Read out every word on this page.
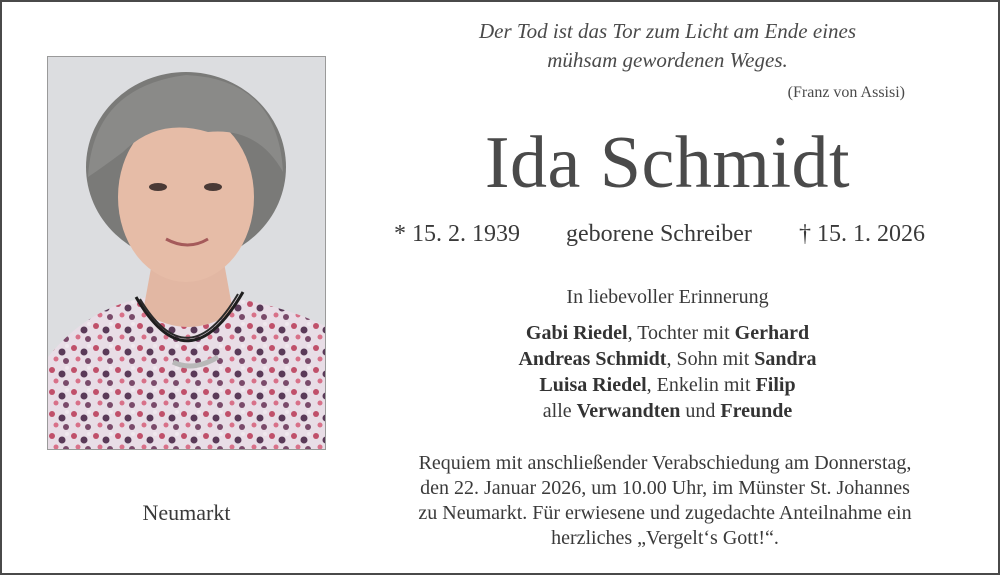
Neumarkt
Der Tod ist das Tor zum Licht am Ende eines
mühsam gewordenen Weges.
(Franz von Assisi)
Ida Schmidt
* 15. 2. 1939 geborene Schreiber † 15. 1. 2026
In liebevoller Erinnerung
Gabi Riedel, Tochter mit Gerhard
Andreas Schmidt, Sohn mit Sandra
Luisa Riedel, Enkelin mit Filip
alle Verwandten und Freunde
Requiem mit anschließender Verabschiedung am Donnerstag,
den 22. Januar 2026, um 10.00 Uhr, im Münster St. Johannes
zu Neumarkt. Für erwiesene und zugedachte Anteilnahme ein
herzliches „Vergelt‘s Gott!“.
